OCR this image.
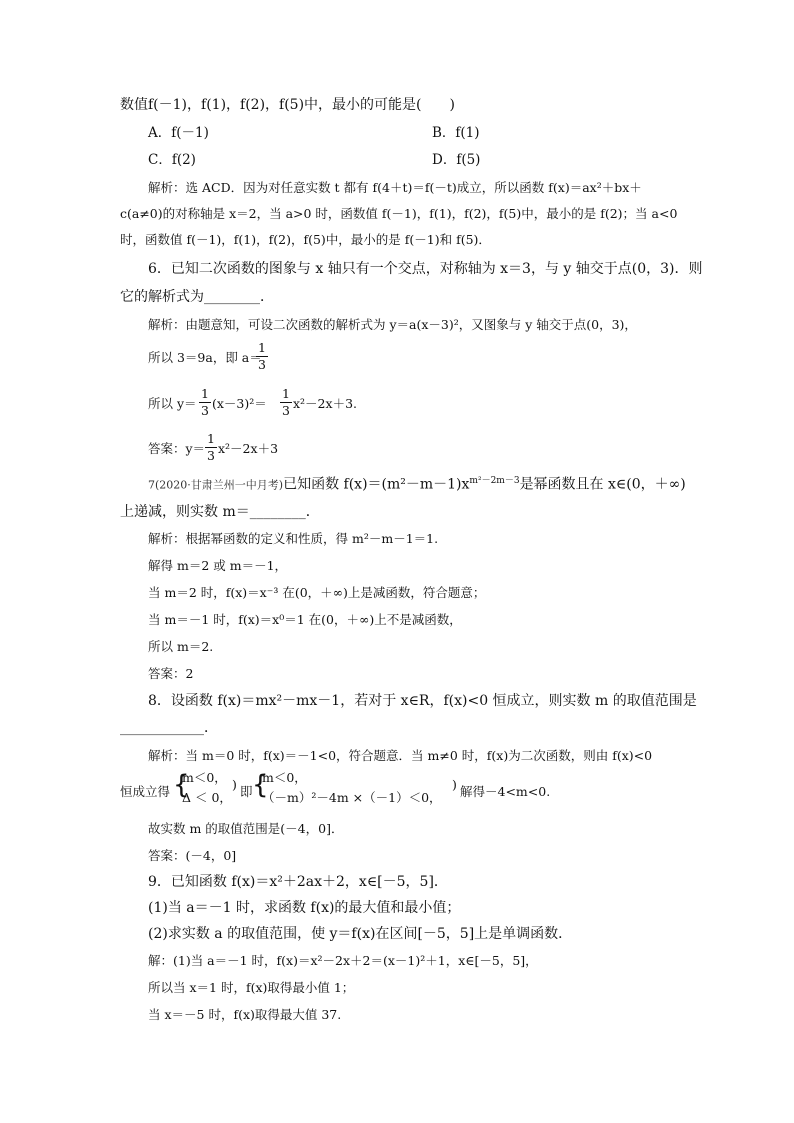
数值f(－1)，f(1)，f(2)，f(5)中，最小的可能是(　　)
A．f(－1)	B．f(1)
C．f(2)	D．f(5)
解析：选 ACD．因为对任意实数 t 都有 f(4＋t)＝f(－t)成立，所以函数 f(x)＝ax²＋bx＋
c(a≠0)的对称轴是 x＝2，当 a>0 时，函数值 f(－1)，f(1)，f(2)，f(5)中，最小的是 f(2)；当 a<0
时，函数值 f(－1)，f(1)，f(2)，f(5)中，最小的是 f(－1)和 f(5)．
6．已知二次函数的图象与 x 轴只有一个交点，对称轴为 x＝3，与 y 轴交于点(0，3)．则
它的解析式为________．
解析：由题意知，可设二次函数的解析式为 y＝a(x－3)²，又图象与 y 轴交于点(0，3)，
所以 3＝9a，即 a＝
1
3
所以 y＝
1
3 (x－3)²＝
1
3 x²－2x＋3.
答案：y＝
1
3 x²－2x＋3
7(2020·甘肃兰州一中月考)已知函数 $f(x)=(m^2-m-1)x^{m^2-2m-3}$是幂函数且在 x∈(0，＋∞)
上递减，则实数 m＝________．
解析：根据幂函数的定义和性质，得 m²－m－1＝1.
解得 m＝2 或 m＝－1，
当 m＝2 时，f(x)＝x⁻³ 在(0，＋∞)上是减函数，符合题意；
当 m＝－1 时，f(x)＝x⁰＝1 在(0，＋∞)上不是减函数，
所以 m＝2.
答案：2
8．设函数 f(x)＝mx²－mx－1，若对于 x∈R，f(x)<0 恒成立，则实数 m 的取值范围是
____________．
解析：当 m＝0 时，f(x)＝－1<0，符合题意．当 m≠0 时，f(x)为二次函数，则由 f(x)<0
恒成立得 {
m＜0，
Δ ＜ 0，
) 即 {
m＜0，
（－m）²－4m ×（－1）＜0，
) 解得－4<m<0.
故实数 m 的取值范围是(－4，0]．
答案：(－4，0]
9．已知函数 f(x)＝x²＋2ax＋2，x∈[－5，5]．
(1)当 a＝－1 时，求函数 f(x)的最大值和最小值；
(2)求实数 a 的取值范围，使 y＝f(x)在区间[－5，5]上是单调函数．
解：(1)当 a＝－1 时，f(x)＝x²－2x＋2＝(x－1)²＋1，x∈[－5，5]，
所以当 x＝1 时，f(x)取得最小值 1；
当 x＝－5 时，f(x)取得最大值 37.
